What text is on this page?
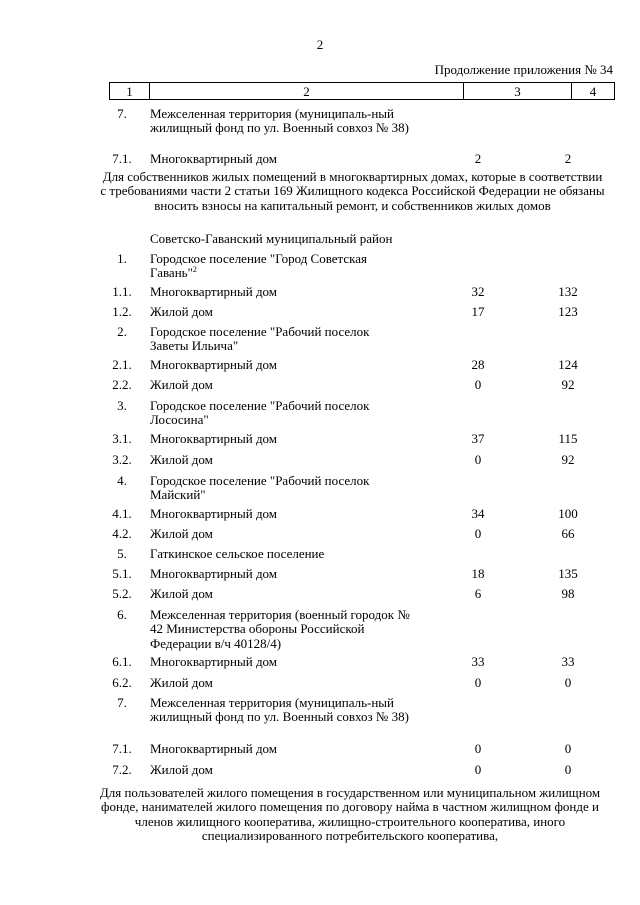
2
Продолжение приложения № 34
1	2	3	4
7.	Межселенная территория (муниципаль-ный жилищный фонд по ул. Военный совхоз № 38)
7.1.	Многоквартирный дом	2	2
Для собственников жилых помещений в многоквартирных домах, которые в соответствии с требованиями части 2 статьи 169 Жилищного кодекса Российской Федерации не обязаны вносить взносы на капитальный ремонт, и собственников жилых домов
Советско-Гаванский муниципальный район
1.	Городское поселение "Город Советская Гавань"$^2$
1.1.	Многоквартирный дом	32	132
1.2.	Жилой дом	17	123
2.	Городское поселение "Рабочий поселок Заветы Ильича"
2.1.	Многоквартирный дом	28	124
2.2.	Жилой дом	0	92
3.	Городское поселение "Рабочий поселок Лососина"
3.1.	Многоквартирный дом	37	115
3.2.	Жилой дом	0	92
4.	Городское поселение "Рабочий поселок Майский"
4.1.	Многоквартирный дом	34	100
4.2.	Жилой дом	0	66
5.	Гаткинское сельское поселение
5.1.	Многоквартирный дом	18	135
5.2.	Жилой дом	6	98
6.	Межселенная территория (военный городок № 42 Министерства обороны Российской Федерации в/ч 40128/4)
6.1.	Многоквартирный дом	33	33
6.2.	Жилой дом	0	0
7.	Межселенная территория (муниципаль-ный жилищный фонд по ул. Военный совхоз № 38)
7.1.	Многоквартирный дом	0	0
7.2.	Жилой дом	0	0
Для пользователей жилого помещения в государственном или муниципальном жилищном фонде, нанимателей жилого помещения по договору найма в частном жилищном фонде и членов жилищного кооператива, жилищно-строительного кооператива, иного специализированного потребительского кооператива,
